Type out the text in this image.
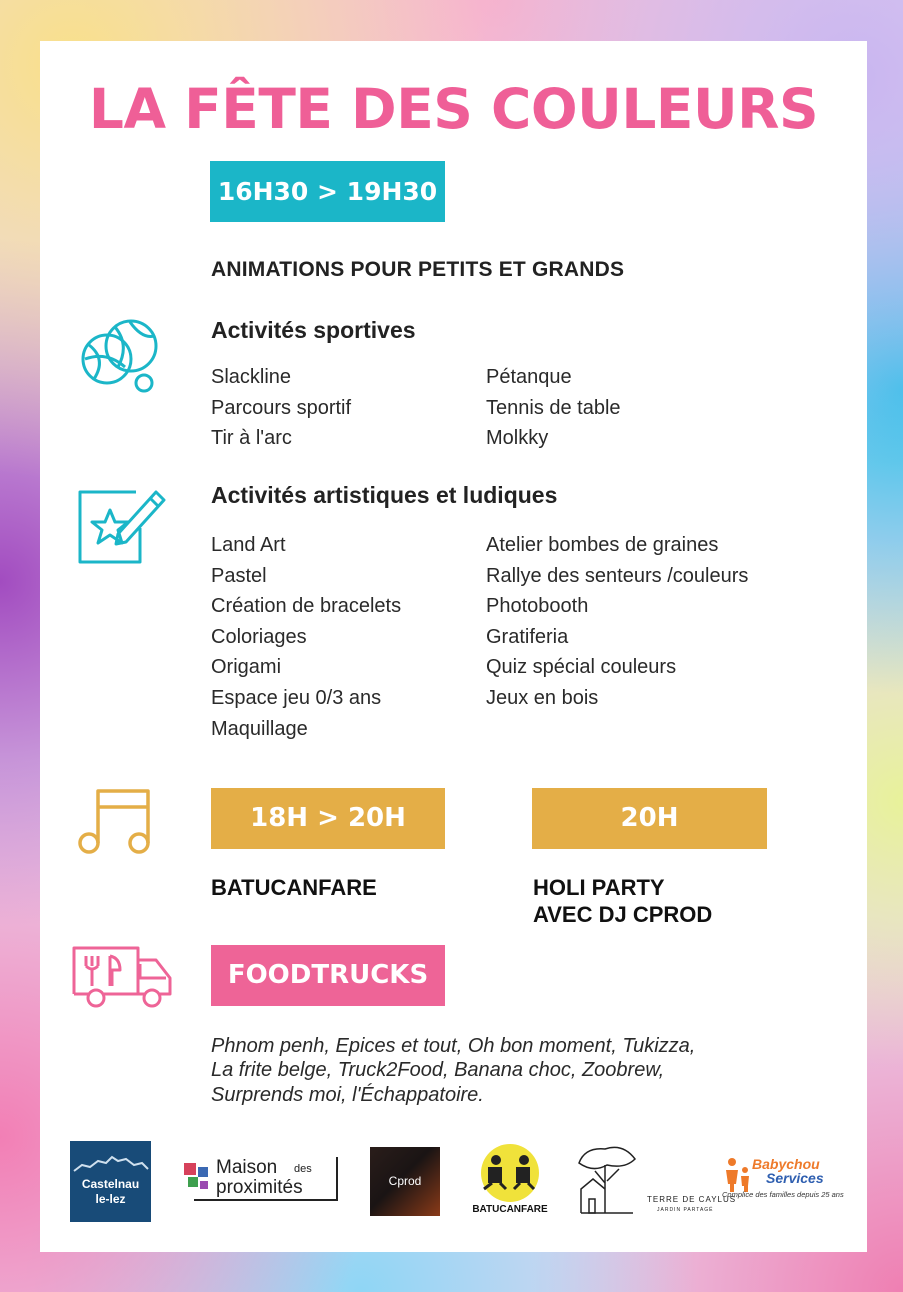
LA FÊTE DES COULEURS
16H30 > 19H30
ANIMATIONS POUR PETITS ET GRANDS
Activités sportives
Slackline
Parcours sportif
Tir à l'arc
Pétanque
Tennis de table
Molkky
Activités artistiques et ludiques
Land Art
Pastel
Création de bracelets
Coloriages
Origami
Espace jeu 0/3 ans
Maquillage
Atelier bombes de graines
Rallye des senteurs /couleurs
Photobooth
Gratiferia
Quiz spécial couleurs
Jeux en bois
18H > 20H	20H
BATUCANFARE	HOLI PARTY
AVEC DJ CPROD
FOODTRUCKS

Phnom penh, Epices et tout, Oh bon moment, Tukizza,
La frite belge, Truck2Food, Banana choc, Zoobrew,
Surprends moi, l'Échappatoire.

Castelnau
le-lez
Maison des
proximités	Cprod
BATUCANFARE
TERRE DE CAYLUS
JARDIN PARTAGÉ
Babychou
Services
Complice des familles depuis 25 ans
